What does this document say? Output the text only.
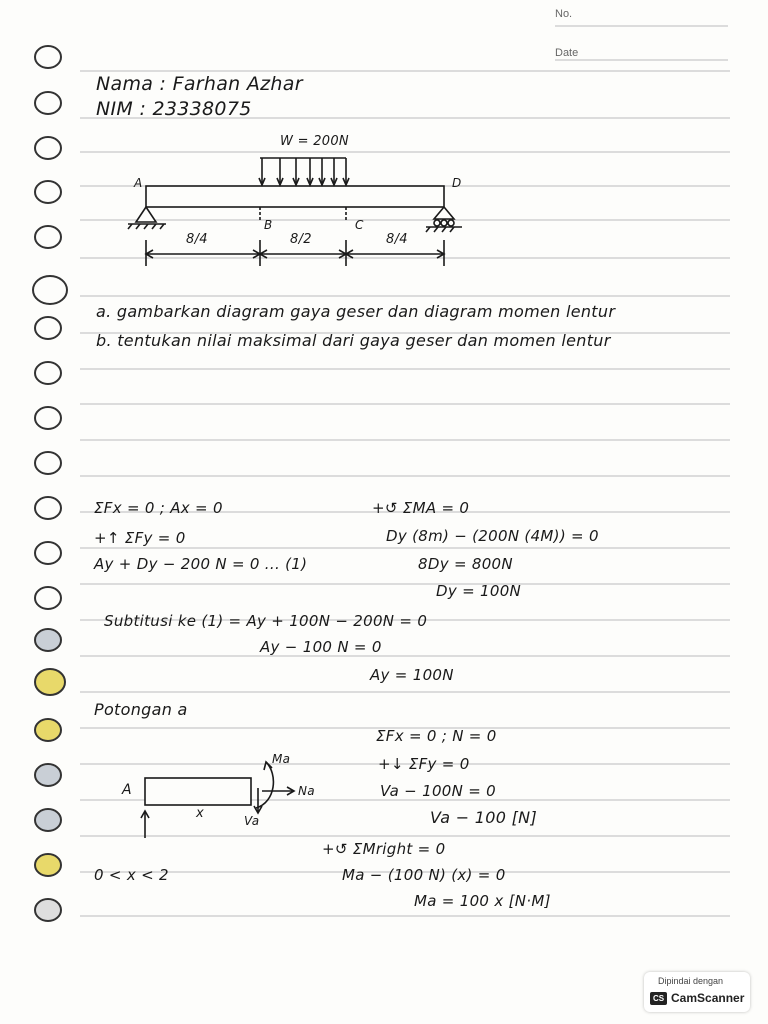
No.
Date
Nama : Farhan Azhar
NIM : 23338075
W = 200N
A
B	C
D
8/4	8/2	8/4
a. gambarkan diagram gaya geser dan diagram momen lentur
b. tentukan nilai maksimal dari gaya geser dan momen lentur
ΣFx = 0 ; Ax = 0
+↑ ΣFy = 0
Ay + Dy − 200 N = 0 ... (1)
+↺ ΣMA = 0
Dy (8m) − (200N (4M)) = 0
8Dy = 800N
Dy = 100N
Subtitusi ke (1) = Ay + 100N − 200N = 0
Ay − 100 N = 0
Ay = 100N
Potongan a
ΣFx = 0 ; N = 0
+↓ ΣFy = 0
Va − 100N = 0
Va − 100 [N]
A
x
Ma
Na
Va
+↺ ΣMright = 0
0 < x < 2	Ma − (100 N) (x) = 0
Ma = 100 x [N·M]
Dipindai dengan
CS CamScanner
